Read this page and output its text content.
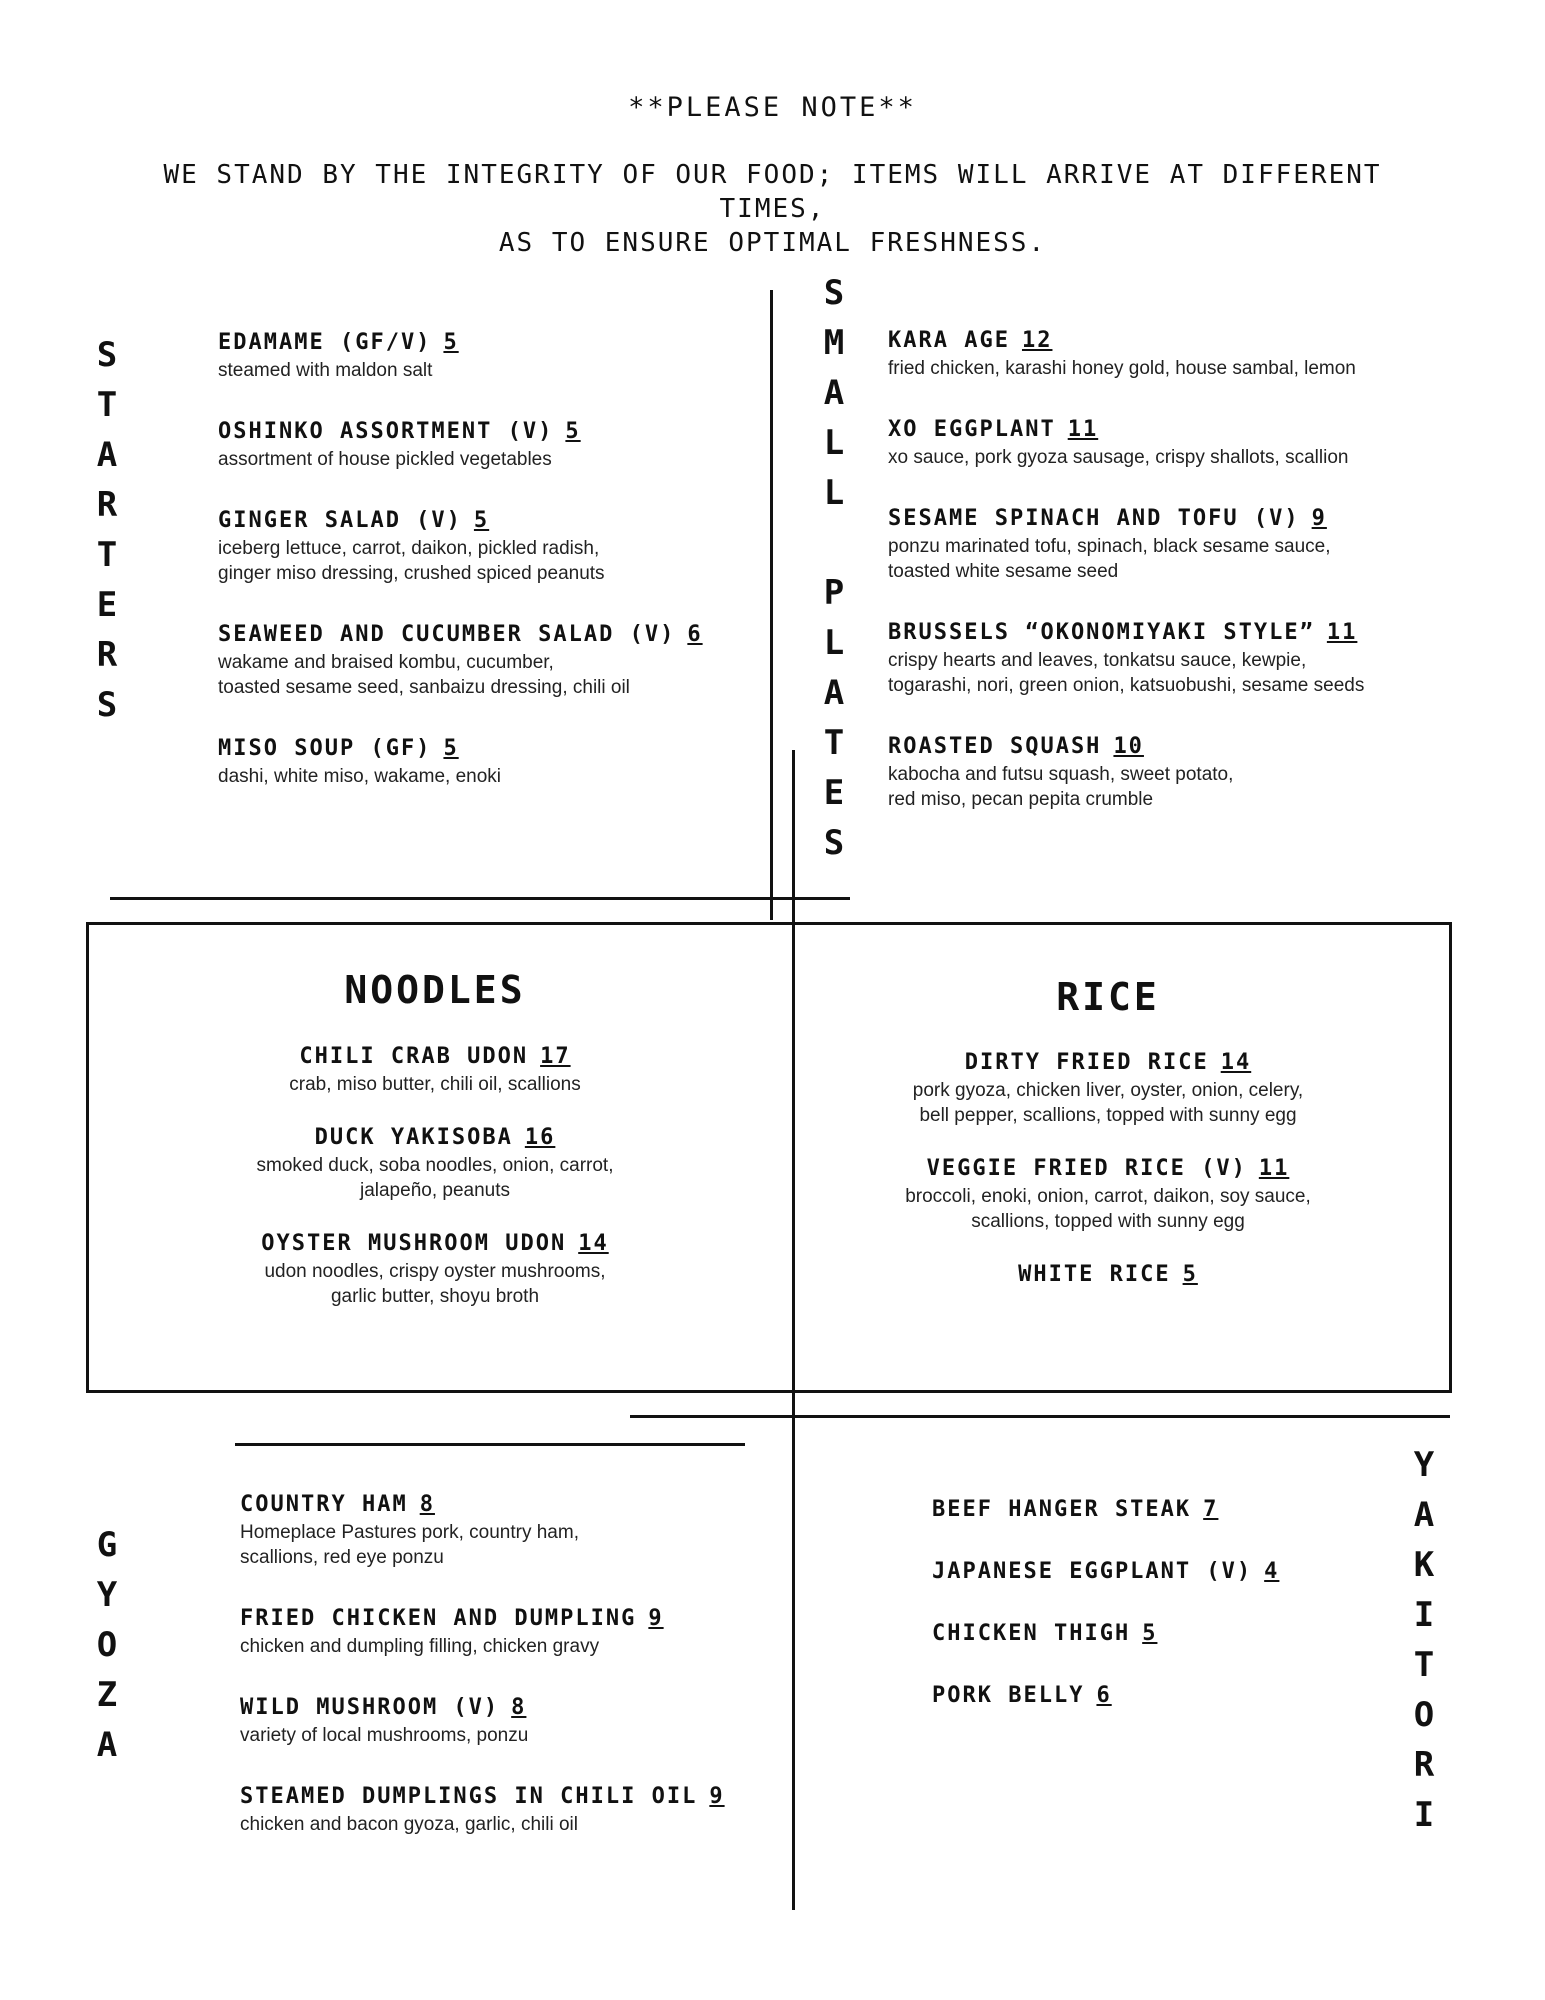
**PLEASE NOTE**
WE STAND BY THE INTEGRITY OF OUR FOOD; ITEMS WILL ARRIVE AT DIFFERENT TIMES,
AS TO ENSURE OPTIMAL FRESHNESS.
S
T
A
R
T
E
R
S
EDAMAME (GF/V) 5
steamed with maldon salt
OSHINKO ASSORTMENT (V) 5
assortment of house pickled vegetables
GINGER SALAD (V) 5
iceberg lettuce, carrot, daikon, pickled radish,
ginger miso dressing, crushed spiced peanuts
SEAWEED AND CUCUMBER SALAD (V) 6
wakame and braised kombu, cucumber,
toasted sesame seed, sanbaizu dressing, chili oil
MISO SOUP (GF) 5
dashi, white miso, wakame, enoki
S
M
A
L
L
P
L
A
T
E
S
KARA AGE 12
fried chicken, karashi honey gold, house sambal, lemon
XO EGGPLANT 11
xo sauce, pork gyoza sausage, crispy shallots, scallion
SESAME SPINACH AND TOFU (V) 9
ponzu marinated tofu, spinach, black sesame sauce,
toasted white sesame seed
BRUSSELS “OKONOMIYAKI STYLE” 11
crispy hearts and leaves, tonkatsu sauce, kewpie,
togarashi, nori, green onion, katsuobushi, sesame seeds
ROASTED SQUASH 10
kabocha and futsu squash, sweet potato,
red miso, pecan pepita crumble
NOODLES
CHILI CRAB UDON 17
crab, miso butter, chili oil, scallions
DUCK YAKISOBA 16
smoked duck, soba noodles, onion, carrot,
jalapeño, peanuts
OYSTER MUSHROOM UDON 14
udon noodles, crispy oyster mushrooms,
garlic butter, shoyu broth
RICE
DIRTY FRIED RICE 14
pork gyoza, chicken liver, oyster, onion, celery,
bell pepper, scallions, topped with sunny egg
VEGGIE FRIED RICE (V) 11
broccoli, enoki, onion, carrot, daikon, soy sauce,
scallions, topped with sunny egg
WHITE RICE 5
G
Y
O
Z
A
COUNTRY HAM 8
Homeplace Pastures pork, country ham,
scallions, red eye ponzu
FRIED CHICKEN AND DUMPLING 9
chicken and dumpling filling, chicken gravy
WILD MUSHROOM (V) 8
variety of local mushrooms, ponzu
STEAMED DUMPLINGS IN CHILI OIL 9
chicken and bacon gyoza, garlic, chili oil
Y
A
K
I
T
O
R
I
BEEF HANGER STEAK 7
JAPANESE EGGPLANT (V) 4
CHICKEN THIGH 5
PORK BELLY 6
